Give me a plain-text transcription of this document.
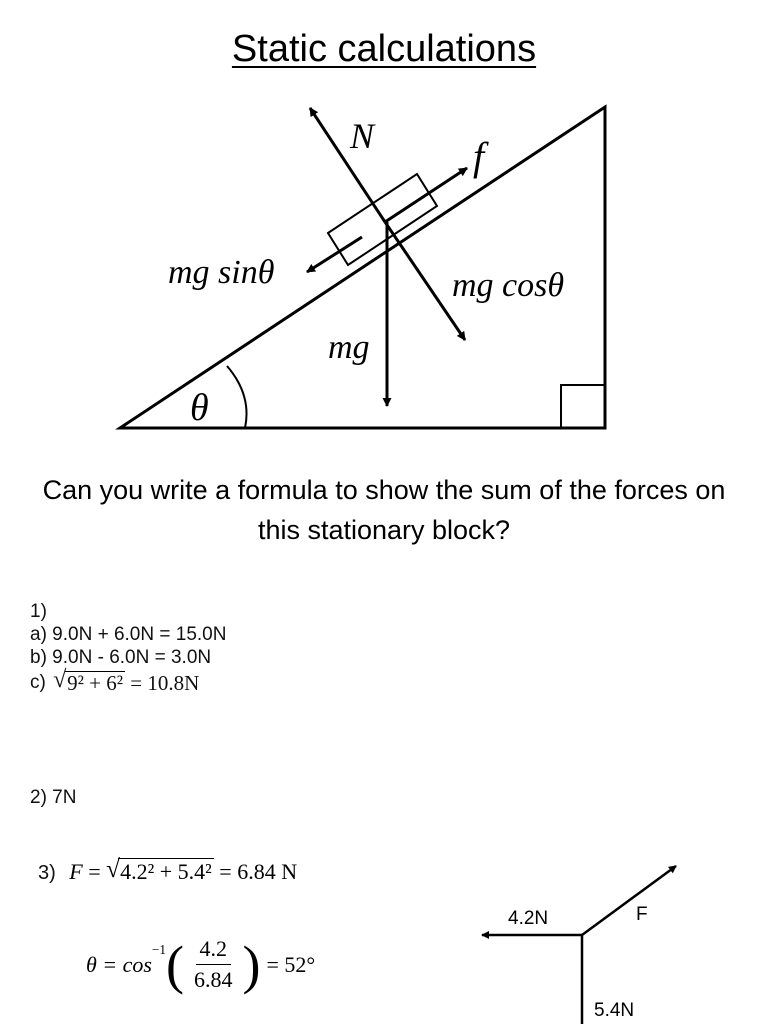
Static calculations
N f
mg sinθ	mg cosθ
mg
θ
Can you write a formula to show the sum of the forces on this stationary block?
1)
a) 9.0N + 6.0N = 15.0N
b) 9.0N - 6.0N = 3.0N
c) √ 9² + 6² = 10.8N
2) 7N
3) F = √ 4.2² + 5.4² = 6.84 N
θ = cos
$^{-1}$ ( $\frac{4.2}{6.84}$ ) = 52°
4.2N	F
5.4N
